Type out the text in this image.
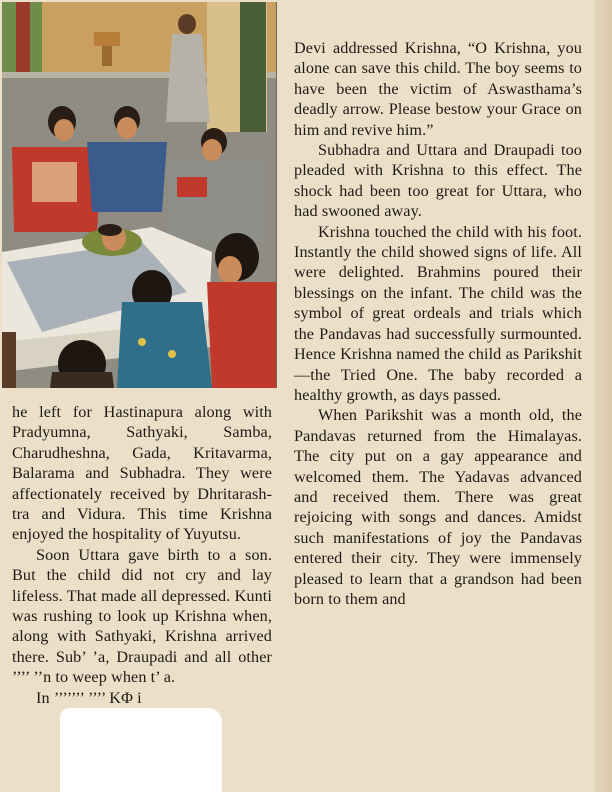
Devi addressed Krishna, “O Krishna, you alone can save this child. The boy seems to have been the victim of Aswasthama’s deadly arrow. Please bestow your Grace on him and revive him.”

Subhadra and Uttara and Draupadi too pleaded with Krishna to this effect. The shock had been too great for Uttara, who had swooned away.

Krishna touched the child with his foot. Instantly the child showed signs of life. All were delighted. Brahmins poured their blessings on the infant. The child was the symbol of great ordeals and trials which the Pandavas had successfully surmounted. Hence Krishna named the child as Parikshit—the Tried One. The baby recorded a healthy growth, as days passed.

When Parikshit was a month old, the Pandavas returned from the Himalayas. The city put on a gay appearance and welcomed them. The Yadavas advanced and received them. There was great rejoicing with songs and dances. Amidst such manifestations of joy the Pandavas entered their city. They were immensely pleased to learn that a grandson had been born to them and

he left for Hastinapura along with Pradyumna, Sathyaki, Samba, Charudheshna, Gada, Kritavarma, Balarama and Subhadra. They were affectionately received by Dhritarashtra and Vidura. This time Krishna enjoyed the hospitality of Yuyutsu.

Soon Uttara gave birth to a son. But the child did not cry and lay lifeless. That made all depressed. Kunti was rushing to look up Krishna when, along with Sathyaki, Krishna arrived there. Sub’ ’a, Draupadi and all other ’’’’ ’’n to weep when t’ a.

In ’’’’’’’ ’’’’ KΦ i
